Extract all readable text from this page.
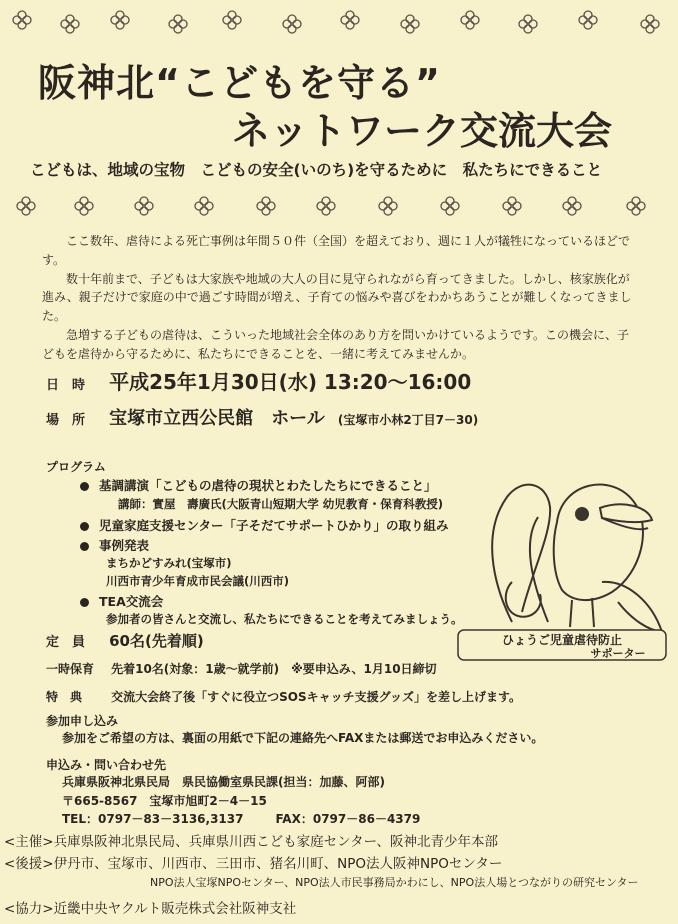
阪神北“こどもを守る”
ネットワーク交流大会
こどもは、地域の宝物　こどもの安全(いのち)を守るために　私たちにできること

ここ数年、虐待による死亡事例は年間５０件（全国）を超えており、週に１人が犠牲になっているほどです。

数十年前まで、子どもは大家族や地域の大人の目に見守られながら育ってきました。しかし、核家族化が進み、親子だけで家庭の中で過ごす時間が増え、子育ての悩みや喜びをわかちあうことが難しくなってきました。

急増する子どもの虐待は、こういった地域社会全体のあり方を問いかけているようです。この機会に、子どもを虐待から守るために、私たちにできることを、一緒に考えてみませんか。

日　時 平成25年1月30日(水) 13:20～16:00
場　所 宝塚市立西公民館　ホール (宝塚市小林2丁目7－30)
プログラム
基調講演「こどもの虐待の現状とわたしたちにできること」
講師：實屋　壽廣氏(大阪青山短期大学 幼児教育・保育科教授)
児童家庭支援センター「子そだてサポートひかり」の取り組み
事例発表
まちかどすみれ(宝塚市)
川西市青少年育成市民会議(川西市)
TEA交流会
参加者の皆さんと交流し、私たちにできることを考えてみましょう。
定　員 60名(先着順)
一時保育 先着10名(対象：1歳～就学前)　※要申込み、1月10日締切
特　典 交流大会終了後「すぐに役立つSOSキャッチ支援グッズ」を差し上げます。
参加申し込み
参加をご希望の方は、裏面の用紙で下記の連絡先へFAXまたは郵送でお申込みください。
申込み・問い合わせ先
兵庫県阪神北県民局　県民協働室県民課(担当：加藤、阿部)
〒665-8567　宝塚市旭町2－4－15
TEL：0797－83－3136,3137	FAX：0797－86－4379
<主催>兵庫県阪神北県民局、兵庫県川西こども家庭センター、阪神北青少年本部
<後援>伊丹市、宝塚市、川西市、三田市、猪名川町、NPO法人阪神NPOセンター
NPO法人宝塚NPOセンター、NPO法人市民事務局かわにし、NPO法人場とつながりの研究センター
<協力>近畿中央ヤクルト販売株式会社阪神支社
ひょうご児童虐待防止
サポーター
